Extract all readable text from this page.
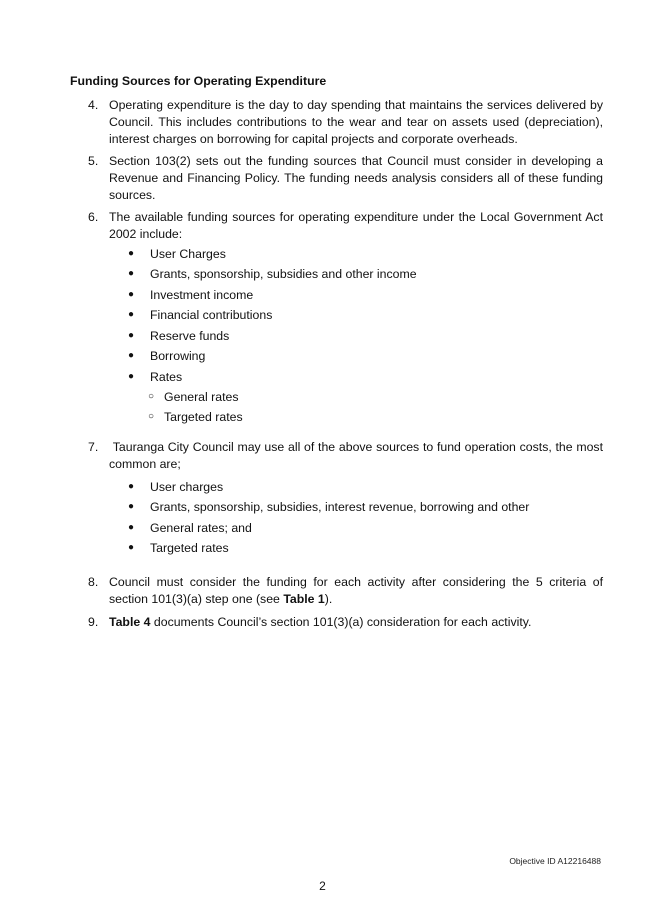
Funding Sources for Operating Expenditure
4. Operating expenditure is the day to day spending that maintains the services delivered by Council. This includes contributions to the wear and tear on assets used (depreciation), interest charges on borrowing for capital projects and corporate overheads.
5. Section 103(2) sets out the funding sources that Council must consider in developing a Revenue and Financing Policy. The funding needs analysis considers all of these funding sources.
6. The available funding sources for operating expenditure under the Local Government Act 2002 include:
●	User Charges
●	Grants, sponsorship, subsidies and other income
●	Investment income
●	Financial contributions
●	Reserve funds
●	Borrowing
●	Rates
○ General rates
○ Targeted rates
7. Tauranga City Council may use all of the above sources to fund operation costs, the most common are;
●	User charges
●	Grants, sponsorship, subsidies, interest revenue, borrowing and other
●	General rates; and
●	Targeted rates
8. Council must consider the funding for each activity after considering the 5 criteria of section 101(3)(a) step one (see Table 1).
9. Table 4 documents Council’s section 101(3)(a) consideration for each activity.
Objective ID A12216488
2
